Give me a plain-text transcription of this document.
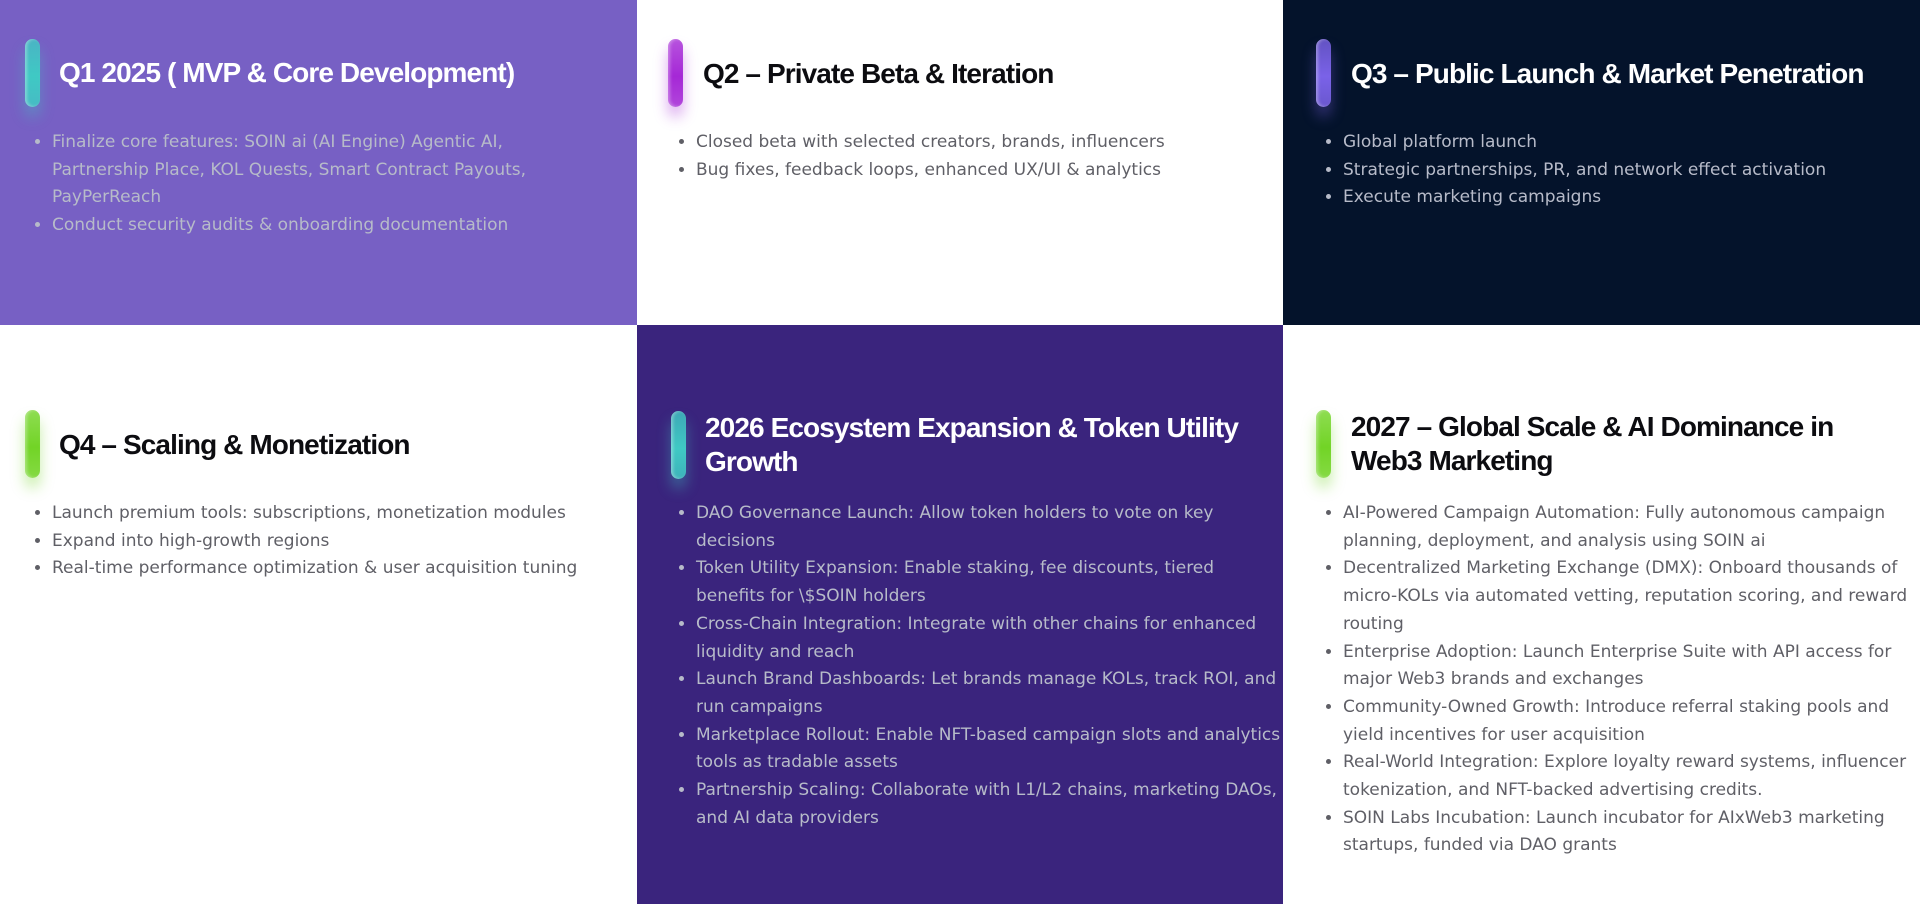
Q1 2025 ( MVP & Core Development)
• Finalize core features: SOIN ai (AI Engine) Agentic AI, Partnership Place, KOL Quests, Smart Contract Payouts, PayPerReach
• Conduct security audits & onboarding documentation
Q2 – Private Beta & Iteration
• Closed beta with selected creators, brands, influencers
• Bug fixes, feedback loops, enhanced UX/UI & analytics
Q3 – Public Launch & Market Penetration
• Global platform launch
• Strategic partnerships, PR, and network effect activation
• Execute marketing campaigns
Q4 – Scaling & Monetization
• Launch premium tools: subscriptions, monetization modules
• Expand into high-growth regions
• Real-time performance optimization & user acquisition tuning
2026 Ecosystem Expansion & Token Utility Growth
• DAO Governance Launch: Allow token holders to vote on key decisions
• Token Utility Expansion: Enable staking, fee discounts, tiered benefits for \$SOIN holders
• Cross-Chain Integration: Integrate with other chains for enhanced liquidity and reach
• Launch Brand Dashboards: Let brands manage KOLs, track ROI, and run campaigns
• Marketplace Rollout: Enable NFT-based campaign slots and analytics tools as tradable assets
• Partnership Scaling: Collaborate with L1/L2 chains, marketing DAOs, and AI data providers
2027 – Global Scale & AI Dominance in Web3 Marketing
• AI-Powered Campaign Automation: Fully autonomous campaign planning, deployment, and analysis using SOIN ai
• Decentralized Marketing Exchange (DMX): Onboard thousands of micro-KOLs via automated vetting, reputation scoring, and reward routing
• Enterprise Adoption: Launch Enterprise Suite with API access for major Web3 brands and exchanges
• Community-Owned Growth: Introduce referral staking pools and yield incentives for user acquisition
• Real-World Integration: Explore loyalty reward systems, influencer tokenization, and NFT-backed advertising credits.
• SOIN Labs Incubation: Launch incubator for AIxWeb3 marketing startups, funded via DAO grants
